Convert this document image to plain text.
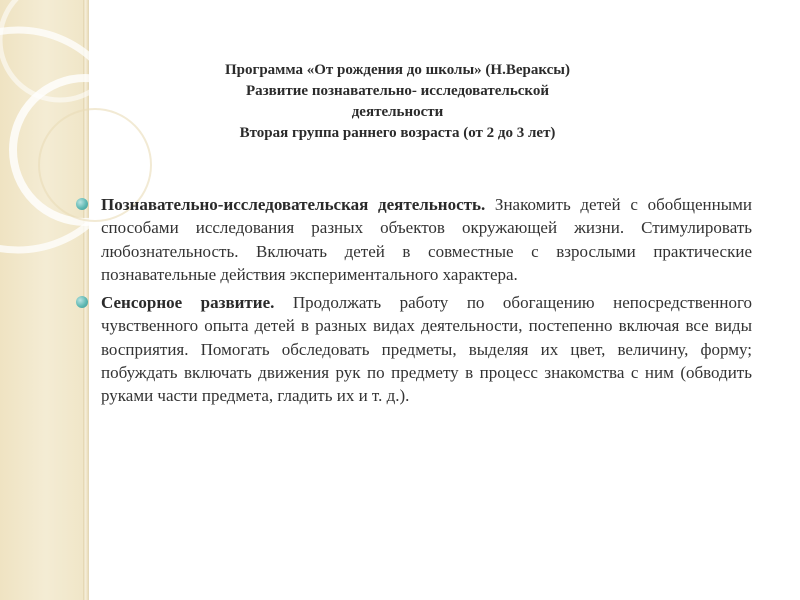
Программа «От рождения до школы» (Н.Вераксы)
Развитие познавательно- исследовательской
деятельности
Вторая группа раннего возраста (от 2 до 3 лет)
Познавательно-исследовательская деятельность. Знакомить детей с обобщенными способами исследования разных объектов окружающей жизни. Стимулировать любознательность. Включать детей в совместные с взрослыми практические познавательные действия экспериментального характера.
Сенсорное развитие. Продолжать работу по обогащению непосредственного чувственного опыта детей в разных видах деятельности, постепенно включая все виды восприятия. Помогать обследовать предметы, выделяя их цвет, величину, форму; побуждать включать движения рук по предмету в процесс знакомства с ним (обводить руками части предмета, гладить их и т. д.).
